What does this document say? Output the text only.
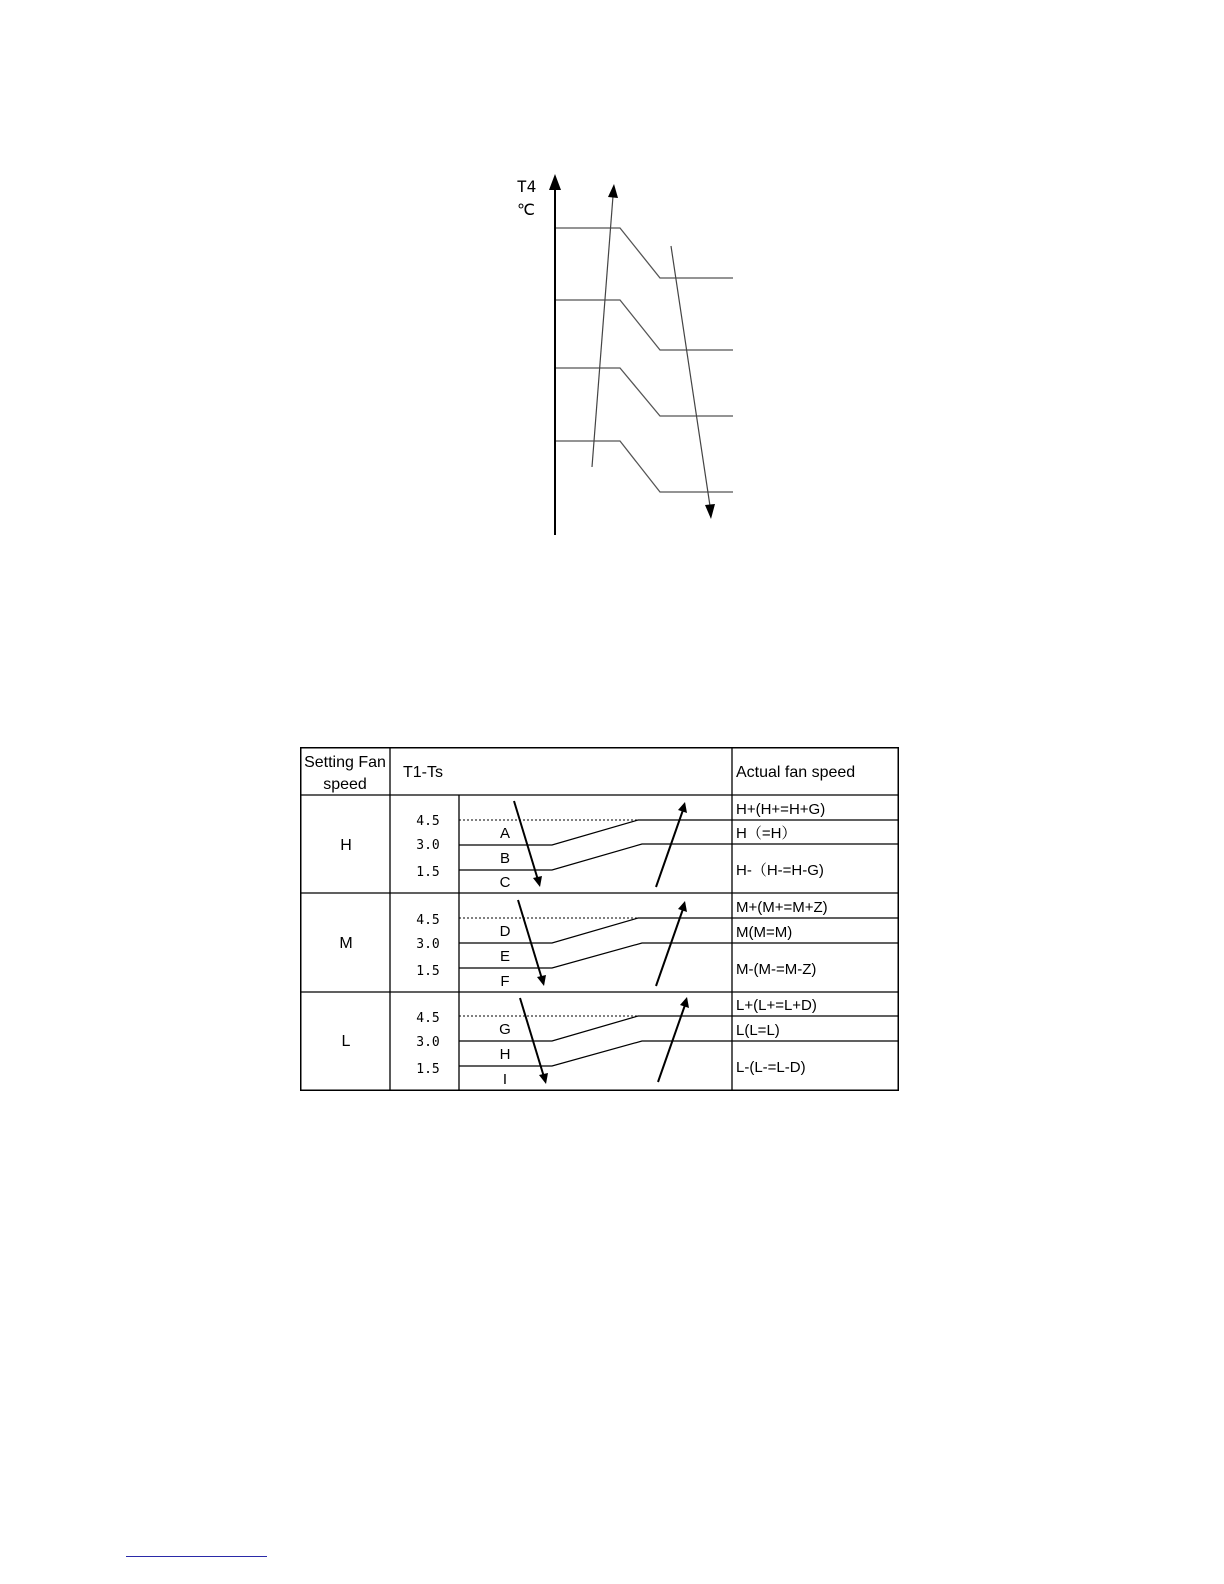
T4
℃
Setting Fan
speed
T1-Ts	Actual fan speed
H
4.5
3.0
1.5
A
B
C
H+(H+=H+G)
H（=H）
H-（H-=H-G)
M
4.5
3.0
1.5
D
E
F
M+(M+=M+Z)
M(M=M)
M-(M-=M-Z)
L
4.5
3.0
1.5
G
H
I
L+(L+=L+D)
L(L=L)
L-(L-=L-D)
